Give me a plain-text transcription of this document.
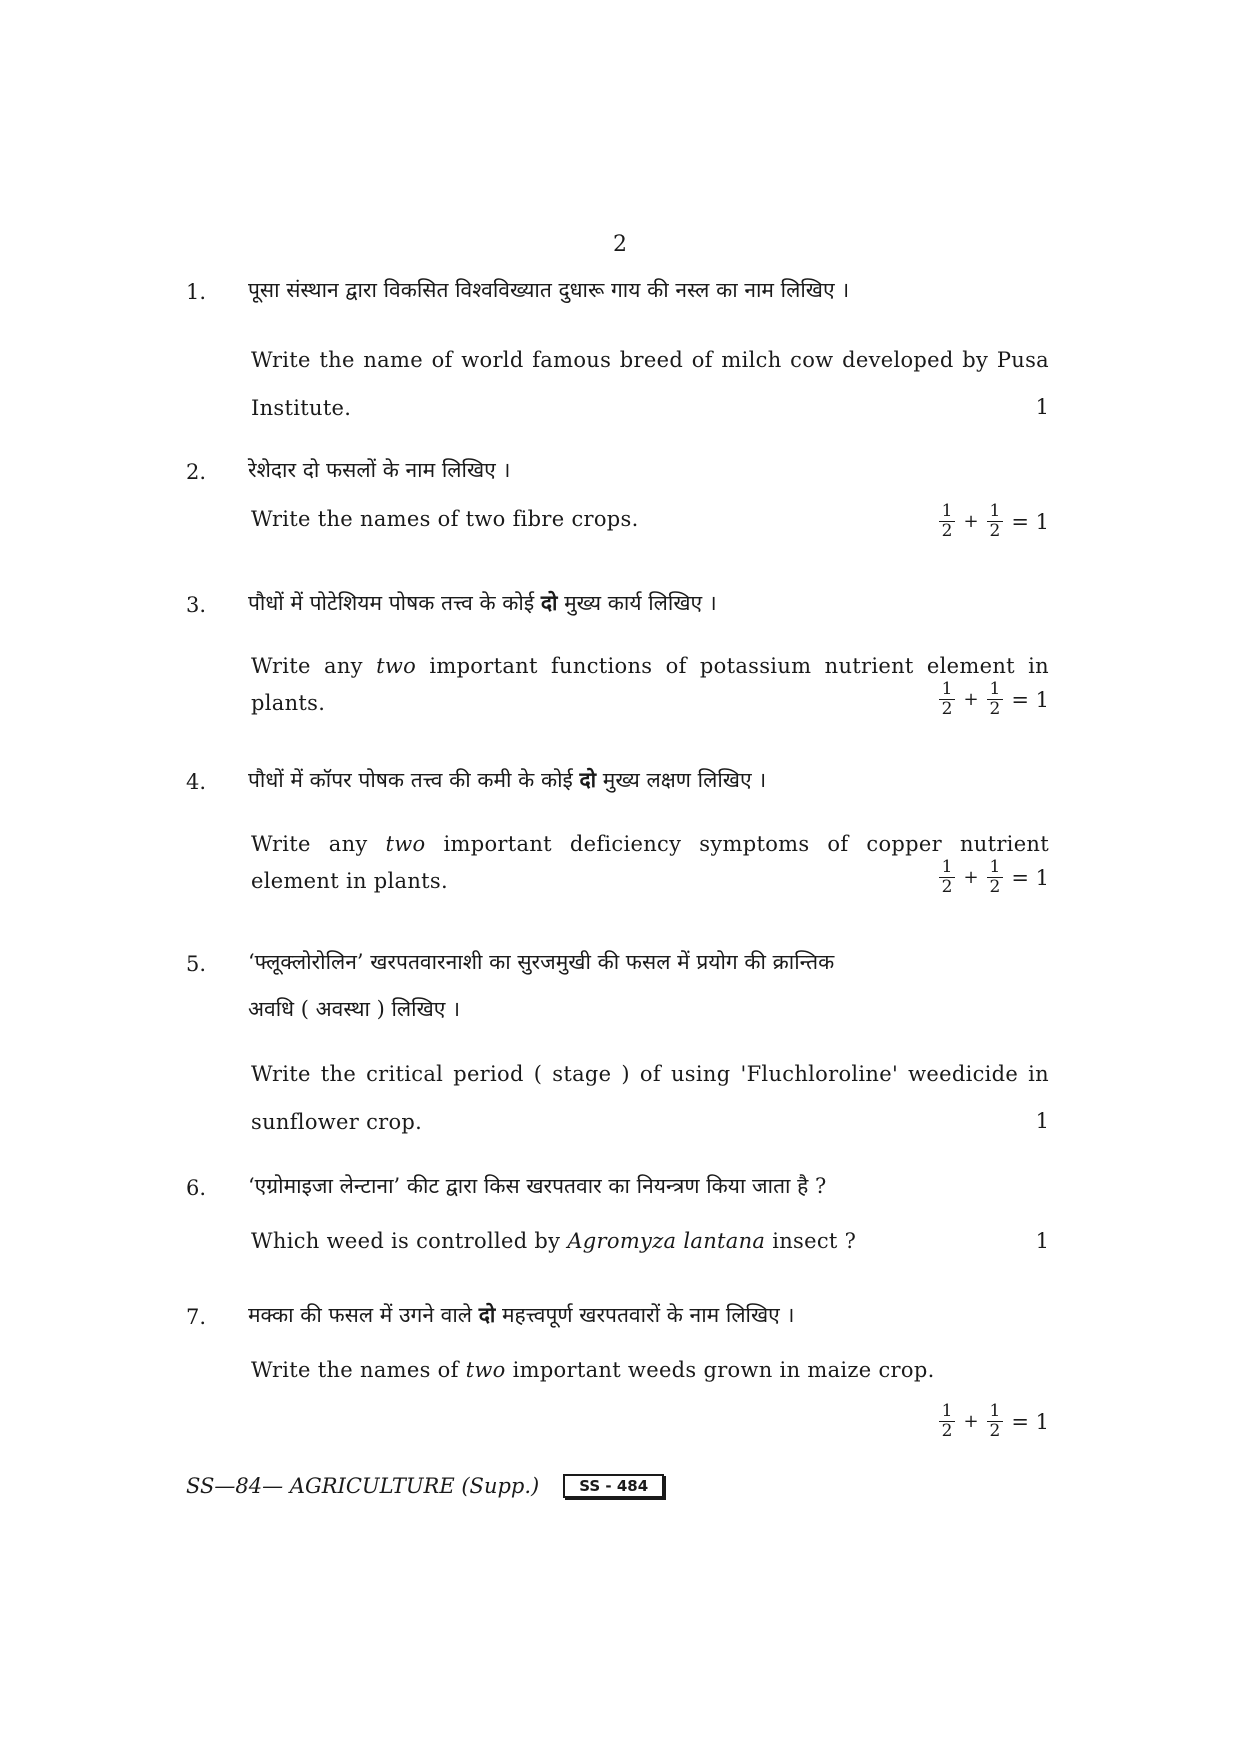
2
1. पूसा संस्थान द्वारा विकसित विश्वविख्यात दुधारू गाय की नस्ल का नाम लिखिए ।
Write the name of world famous breed of milch cow developed by Pusa Institute.	1
2. रेशेदार दो फसलों के नाम लिखिए ।
Write the names of two fibre crops.	$\frac{1}{2} + \frac{1}{2} = 1$
3. पौधों में पोटेशियम पोषक तत्त्व के कोई दो मुख्य कार्य लिखिए ।
Write any two important functions of potassium nutrient element in plants.	$\frac{1}{2} + \frac{1}{2} = 1$
4. पौधों में कॉपर पोषक तत्त्व की कमी के कोई दो मुख्य लक्षण लिखिए ।
Write any two important deficiency symptoms of copper nutrient element in plants.	$\frac{1}{2} + \frac{1}{2} = 1$
5. ‘फ्लूक्लोरोलिन’ खरपतवारनाशी का सुरजमुखी की फसल में प्रयोग की क्रान्तिक
अवधि ( अवस्था ) लिखिए ।
Write the critical period ( stage ) of using 'Fluchloroline' weedicide in sunflower crop.	1
6. ‘एग्रोमाइजा लेन्टाना’ कीट द्वारा किस खरपतवार का नियन्त्रण किया जाता है ?
Which weed is controlled by Agromyza lantana insect ?	1
7. मक्का की फसल में उगने वाले दो महत्त्वपूर्ण खरपतवारों के नाम लिखिए ।
Write the names of two important weeds grown in maize crop.
$\frac{1}{2} + \frac{1}{2} = 1$
SS—84— AGRICULTURE (Supp.)	SS - 484
